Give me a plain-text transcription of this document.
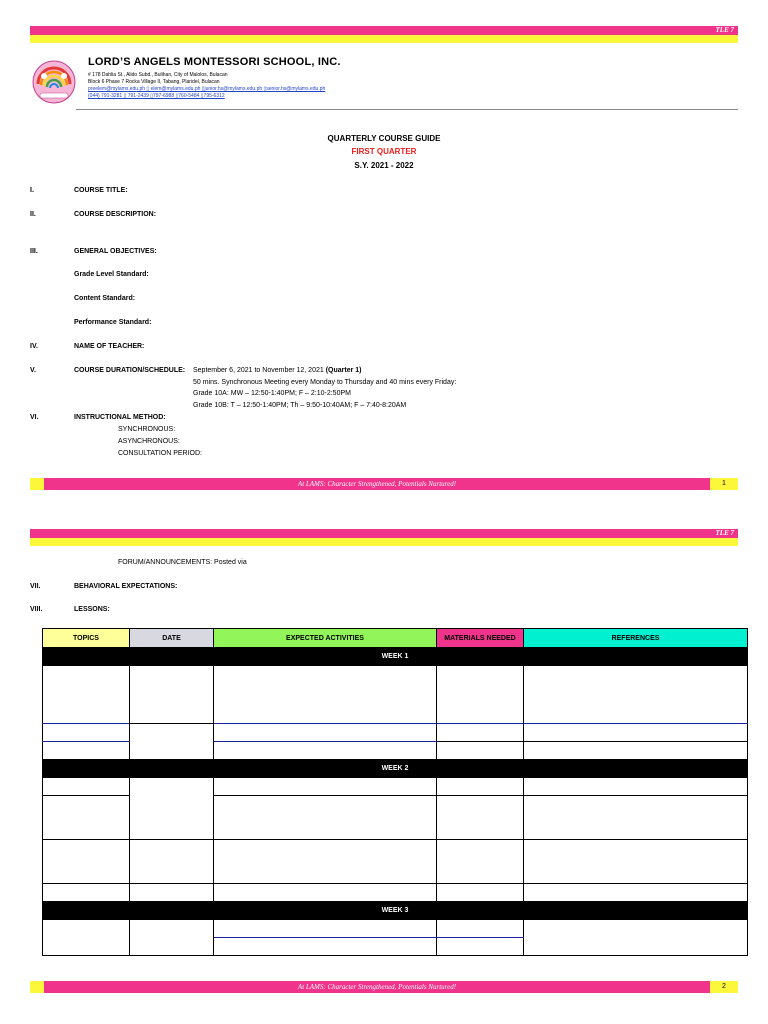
TLE 7
LORD’S ANGELS MONTESSORI SCHOOL, INC.
# 178 Dahlia St., Alido Subd., Bulihan, City of Malolos, Bulacan
Block 6 Phase 7 Rocka Village II, Tabang, Plaridel, Bulacan
preelem@mylams.edu.ph ▯ elem@mylams.edu.ph ▯junior.hs@mylams.edu.ph ▯senior.hs@mylams.edu.ph
(044) 791-3281 ▯ 791-2439 ▯797-6988 ▯760-5484 ▯795-6312
QUARTERLY COURSE GUIDE
FIRST QUARTER
S.Y. 2021 - 2022
I.	COURSE TITLE:
II.	COURSE DESCRIPTION:
III.	GENERAL OBJECTIVES:
Grade Level Standard:
Content Standard:
Performance Standard:
IV.	NAME OF TEACHER:
V.	COURSE DURATION/SCHEDULE: September 6, 2021 to November 12, 2021 (Quarter 1)
50 mins. Synchronous Meeting every Monday to Thursday and 40 mins every Friday:
Grade 10A: MW – 12:50-1:40PM; F – 2:10-2:50PM
Grade 10B: T – 12:50-1:40PM; Th – 9:50-10:40AM; F – 7:40-8:20AM
VI.	INSTRUCTIONAL METHOD:
SYNCHRONOUS:
ASYNCHRONOUS:
CONSULTATION PERIOD:
At LAMS: Character Strengthened, Potentials Nurtured!	1
TLE 7
FORUM/ANNOUNCEMENTS: Posted via
VII.	BEHAVIORAL EXPECTATIONS:
VIII.	LESSONS:
TOPICS	DATE	EXPECTED ACTIVITIES	MATERIALS NEEDED	REFERENCES
WEEK 1				

WEEK 2				

WEEK 3				

At LAMS: Character Strengthened, Potentials Nurtured!	2
